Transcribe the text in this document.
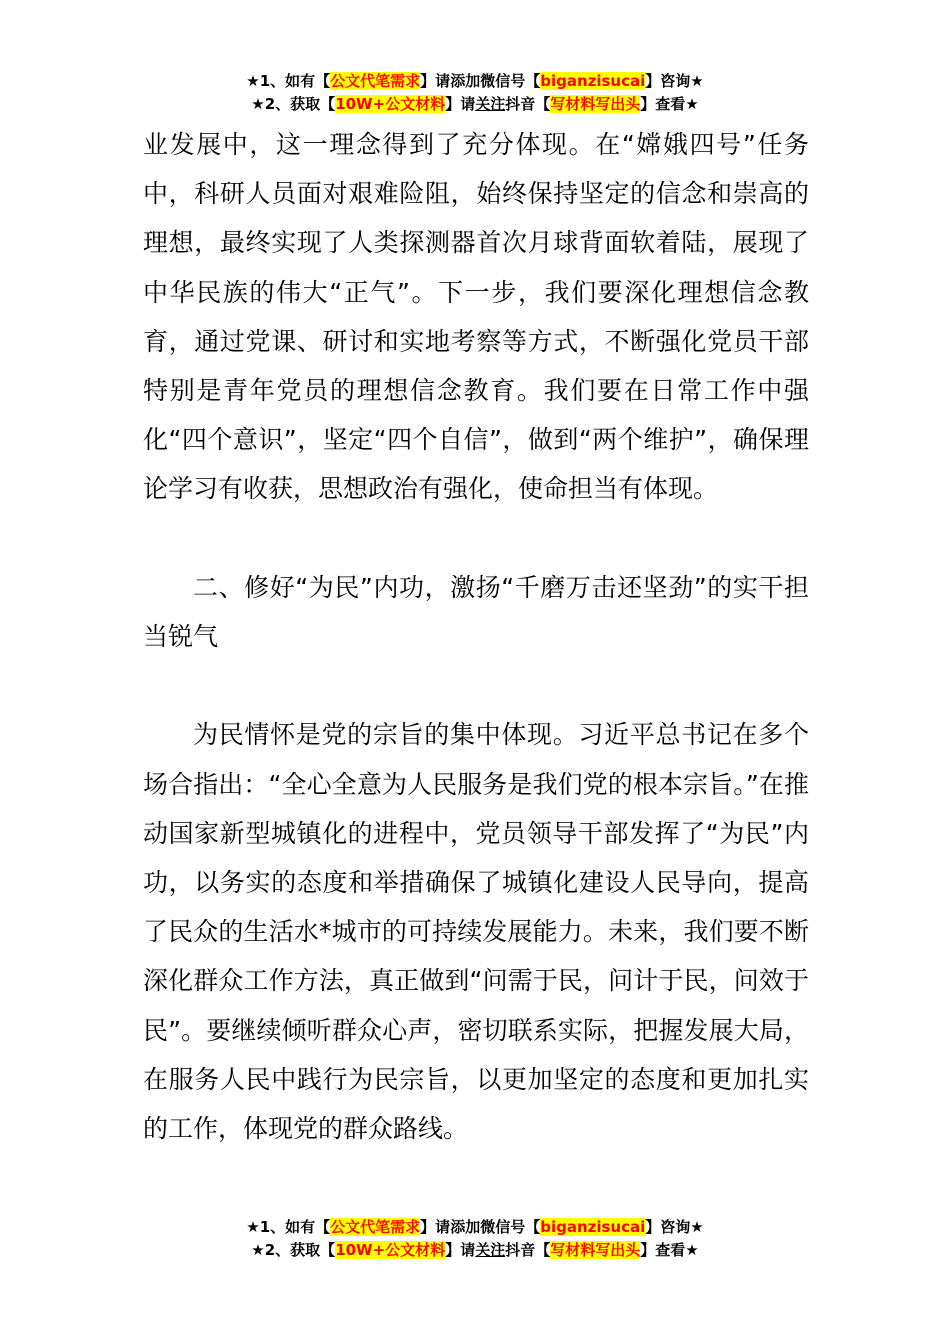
★1、如有【公文代笔需求】请添加微信号【biganzisucai】咨询★
★2、获取【10W+公文材料】请关注抖音【写材料写出头】查看★

业发展中，这一理念得到了充分体现。在“嫦娥四号”任务中，科研人员面对艰难险阻，始终保持坚定的信念和崇高的理想，最终实现了人类探测器首次月球背面软着陆，展现了中华民族的伟大“正气”。下一步，我们要深化理想信念教育，通过党课、研讨和实地考察等方式，不断强化党员干部特别是青年党员的理想信念教育。我们要在日常工作中强化“四个意识”，坚定“四个自信”，做到“两个维护”，确保理论学习有收获，思想政治有强化，使命担当有体现。

二、修好“为民”内功，激扬“千磨万击还坚劲”的实干担当锐气

为民情怀是党的宗旨的集中体现。习近平总书记在多个场合指出：“全心全意为人民服务是我们党的根本宗旨。”在推动国家新型城镇化的进程中，党员领导干部发挥了“为民”内功，以务实的态度和举措确保了城镇化建设人民导向，提高了民众的生活水*城市的可持续发展能力。未来，我们要不断深化群众工作方法，真正做到“问需于民，问计于民，问效于民”。要继续倾听群众心声，密切联系实际，把握发展大局，在服务人民中践行为民宗旨，以更加坚定的态度和更加扎实的工作，体现党的群众路线。

★1、如有【公文代笔需求】请添加微信号【biganzisucai】咨询★
★2、获取【10W+公文材料】请关注抖音【写材料写出头】查看★
